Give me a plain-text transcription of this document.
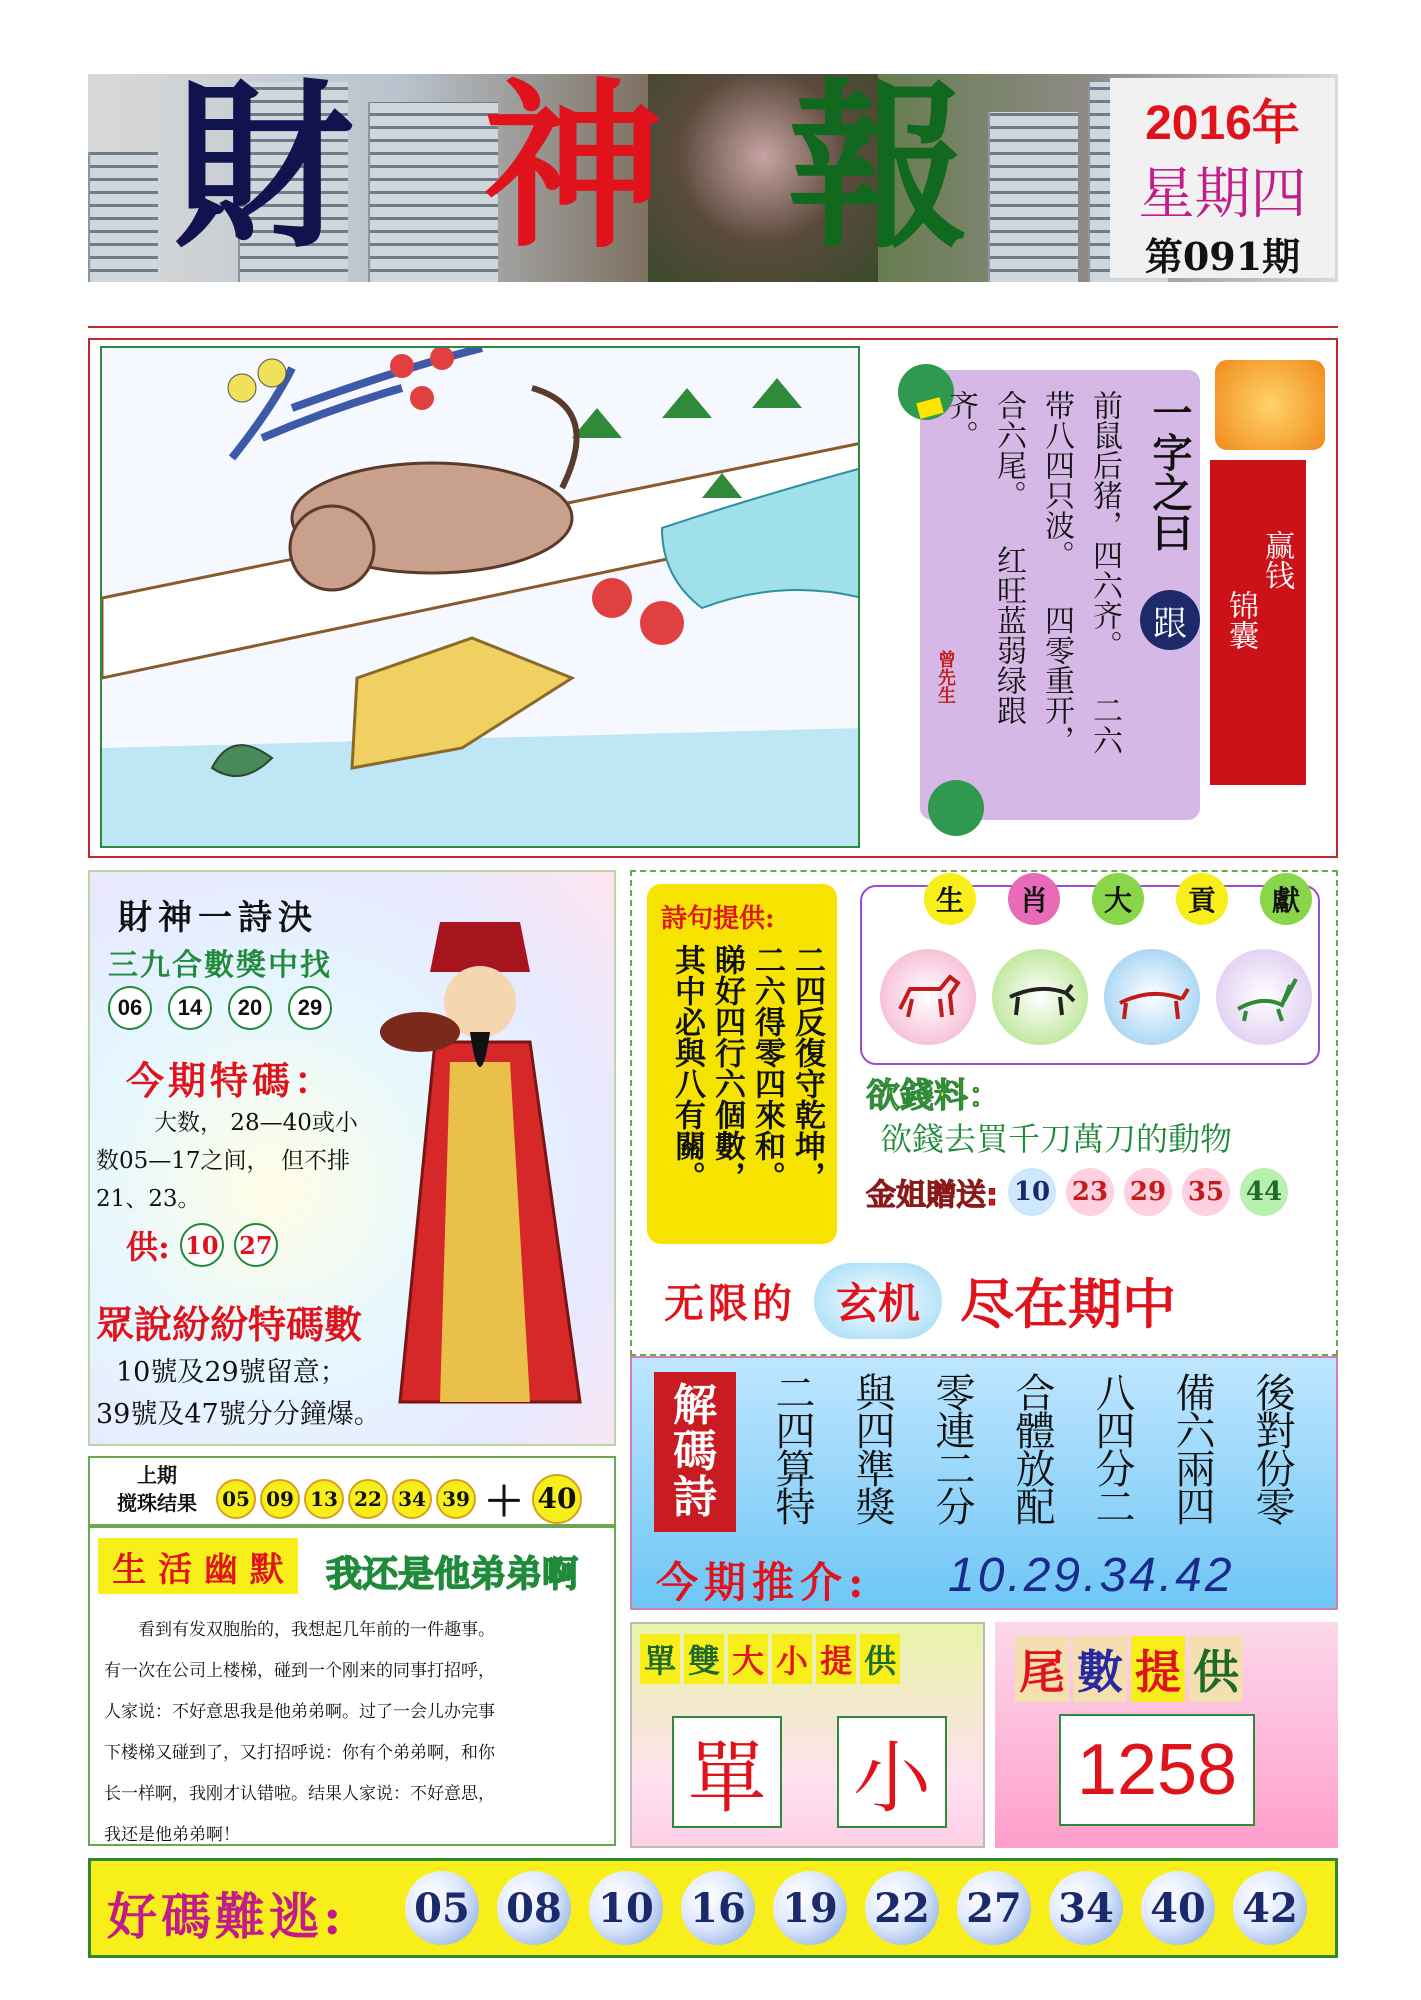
財 神 報	2016年
星期四
第091期
一字之曰
跟
前鼠后猪，四六齐。 二六带八四只波。 四零重开，合六尾。 红旺蓝弱绿跟齐。
曾先生
赢钱
锦囊
財神一詩決
三九合數獎中找
06	14	20	29
今期特碼：
大数， 28—40或小数05—17之间，　但不排21、23。
供: 10 27
眾說紛紛特碼數
10號及29號留意；
39號及47號分分鐘爆。
詩句提供:
二四反復守乾坤， 二六得零四來和。 睇好四行六個數， 其中必與八有關。
生	肖	大	貢	獻
欲錢料：
欲錢去買千刀萬刀的動物
金姐贈送: 10 23 29 35 44
无限的 玄机 尽在期中
解
碼
詩 二四算特 與四準獎 零連二分 合體放配 八四分二 備六兩四 後對份零
今期推介: 10.29.34.42
上期
搅珠结果	05 09 13 22 34 39 ＋ 40
生 活 幽 默	我还是他弟弟啊
看到有发双胞胎的，我想起几年前的一件趣事。
有一次在公司上楼梯，碰到一个刚来的同事打招呼，
人家说：不好意思我是他弟弟啊。过了一会儿办完事
下楼梯又碰到了，又打招呼说：你有个弟弟啊，和你
长一样啊，我刚才认错啦。结果人家说：不好意思，
我还是他弟弟啊！
單 雙 大 小 提 供
單 小
尾 數 提 供
1258
好碼難逃: 05 08 10 16 19 22 27 34 40 42
